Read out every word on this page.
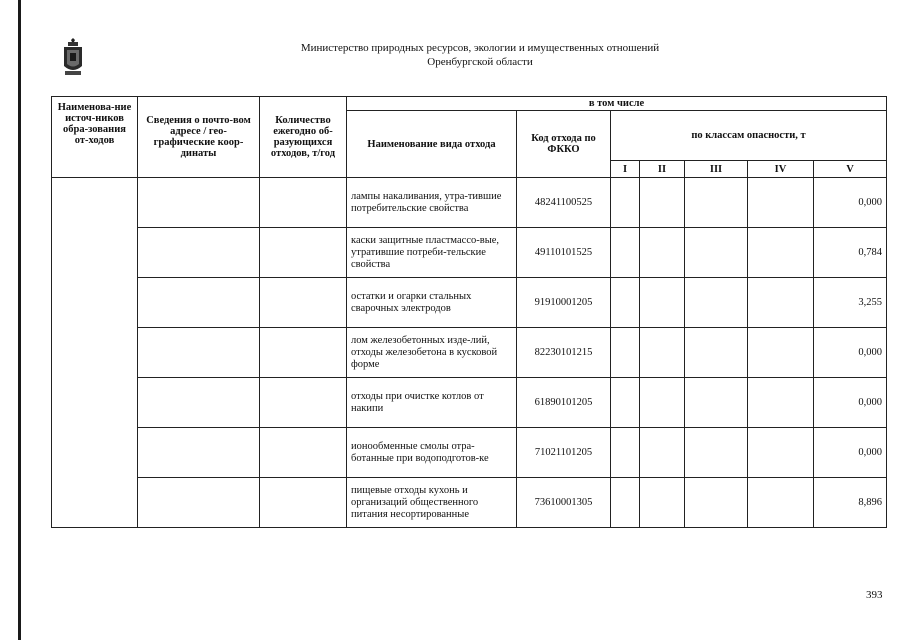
Министерство природных ресурсов, экологии и имущественных отношений
Оренбургской области
Наименова-ние источ-ников обра-зования от-ходов	Сведения о почто-вом адресе / гео-графические коор-динаты	Количество ежегодно об-разующихся отходов, т/год	в том числе						
			Наименование вида отхода	Код отхода по ФККО	по классам опасности, т				
					I	II	III	IV	V
			лампы накаливания, утра-тившие потребительские свойства	48241100525					0,000
			каски защитные пластмассо-вые, утратившие потреби-тельские свойства	49110101525					0,784
			остатки и огарки стальных сварочных электродов	91910001205					3,255
			лом железобетонных изде-лий, отходы железобетона в кусковой форме	82230101215					0,000
			отходы при очистке котлов от накипи	61890101205					0,000
			ионообменные смолы отра-ботанные при водоподготов-ке	71021101205					0,000
			пищевые отходы кухонь и организаций общественного питания несортированные	73610001305					8,896
393
